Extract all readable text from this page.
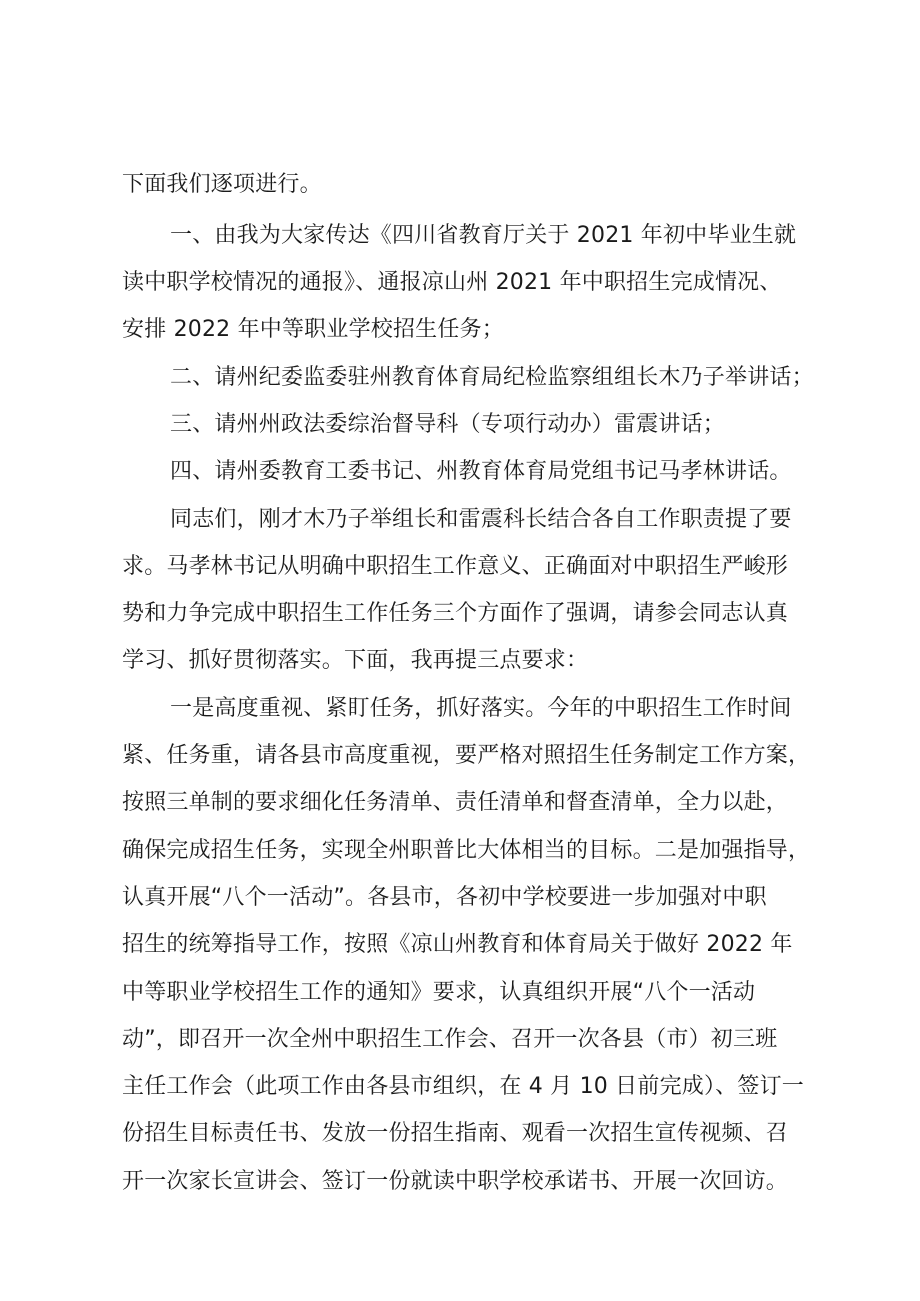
下面我们逐项进行。
一、由我为大家传达《四川省教育厅关于 2021 年初中毕业生就
读中职学校情况的通报》、通报凉山州 2021 年中职招生完成情况、
安排 2022 年中等职业学校招生任务；
二、请州纪委监委驻州教育体育局纪检监察组组长木乃子举讲话；
三、请州州政法委综治督导科（专项行动办）雷震讲话；
四、请州委教育工委书记、州教育体育局党组书记马孝林讲话。
同志们，刚才木乃子举组长和雷震科长结合各自工作职责提了要
求。马孝林书记从明确中职招生工作意义、正确面对中职招生严峻形
势和力争完成中职招生工作任务三个方面作了强调，请参会同志认真
学习、抓好贯彻落实。下面，我再提三点要求：
一是高度重视、紧盯任务，抓好落实。今年的中职招生工作时间
紧、任务重，请各县市高度重视，要严格对照招生任务制定工作方案，
按照三单制的要求细化任务清单、责任清单和督查清单，全力以赴，
确保完成招生任务，实现全州职普比大体相当的目标。二是加强指导，
认真开展“八个一活动”。各县市，各初中学校要进一步加强对中职
招生的统筹指导工作，按照《凉山州教育和体育局关于做好 2022 年
中等职业学校招生工作的通知》要求，认真组织开展“八个一活动
动”，即召开一次全州中职招生工作会、召开一次各县（市）初三班
主任工作会（此项工作由各县市组织，在 4 月 10 日前完成）、签订一
份招生目标责任书、发放一份招生指南、观看一次招生宣传视频、召
开一次家长宣讲会、签订一份就读中职学校承诺书、开展一次回访。
